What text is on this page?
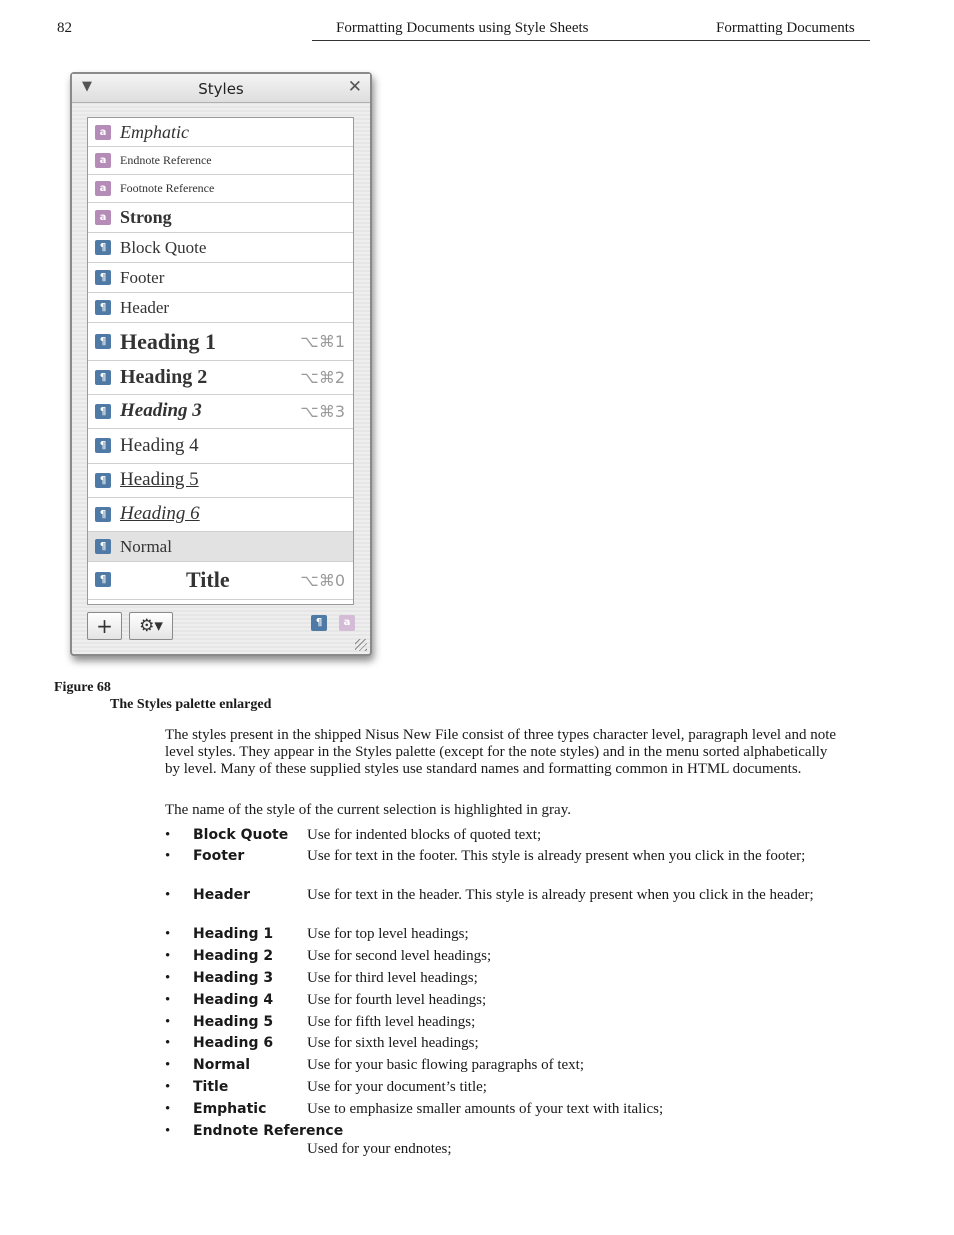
82	Formatting Documents using Style Sheets	Formatting Documents
▼	Styles	✕
a Emphatic
a	Endnote Reference
a	Footnote Reference
a Strong
¶ Block Quote
¶ Footer
¶ Header
¶ Heading 1	⌥⌘1
¶ Heading 2	⌥⌘2
¶ Heading 3	⌥⌘3
¶ Heading 4
¶ Heading 5
¶ Heading 6
¶ Normal
¶	Title	⌥⌘0
+	⚙▾	¶	a
Figure 68
The Styles palette enlarged
The styles present in the shipped Nisus New File consist of three types character level, paragraph level and note level styles. They appear in the Styles palette (except for the note styles) and in the menu sorted alphabetically by level. Many of these supplied styles use standard names and formatting common in HTML documents.
The name of the style of the current selection is highlighted in gray.
• Block Quote	Use for indented blocks of quoted text;
• Footer	Use for text in the footer. This style is already present when you click in the footer;
• Header	Use for text in the header. This style is already present when you click in the header;
• Heading 1	Use for top level headings;
• Heading 2	Use for second level headings;
• Heading 3	Use for third level headings;
• Heading 4	Use for fourth level headings;
• Heading 5	Use for fifth level headings;
• Heading 6	Use for sixth level headings;
• Normal	Use for your basic flowing paragraphs of text;
• Title	Use for your document’s title;
• Emphatic	Use to emphasize smaller amounts of your text with italics;
• Endnote Reference
Used for your endnotes;
